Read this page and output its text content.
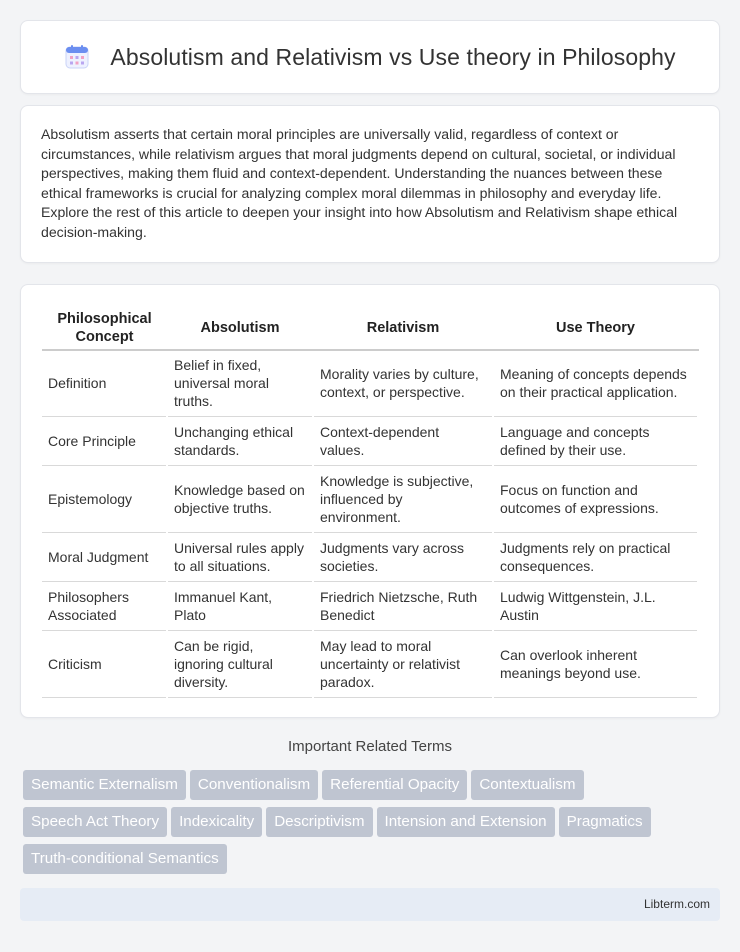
Absolutism and Relativism vs Use theory in Philosophy

Absolutism asserts that certain moral principles are universally valid, regardless of context or circumstances, while relativism argues that moral judgments depend on cultural, societal, or individual perspectives, making them fluid and context-dependent. Understanding the nuances between these ethical frameworks is crucial for analyzing complex moral dilemmas in philosophy and everyday life. Explore the rest of this article to deepen your insight into how Absolutism and Relativism shape ethical decision-making.

Philosophical Concept	Absolutism	Relativism	Use Theory
Definition	Belief in fixed, universal moral truths.	Morality varies by culture, context, or perspective.	Meaning of concepts depends on their practical application.
Core Principle	Unchanging ethical standards.	Context-dependent values.	Language and concepts defined by their use.
Epistemology	Knowledge based on objective truths.	Knowledge is subjective, influenced by environment.	Focus on function and outcomes of expressions.
Moral Judgment	Universal rules apply to all situations.	Judgments vary across societies.	Judgments rely on practical consequences.
Philosophers Associated	Immanuel Kant, Plato	Friedrich Nietzsche, Ruth Benedict	Ludwig Wittgenstein, J.L. Austin
Criticism	Can be rigid, ignoring cultural diversity.	May lead to moral uncertainty or relativist paradox.	Can overlook inherent meanings beyond use.
Important Related Terms
Semantic Externalism Conventionalism Referential Opacity Contextualism
Speech Act Theory Indexicality Descriptivism Intension and Extension Pragmatics
Truth-conditional Semantics
Libterm.com
